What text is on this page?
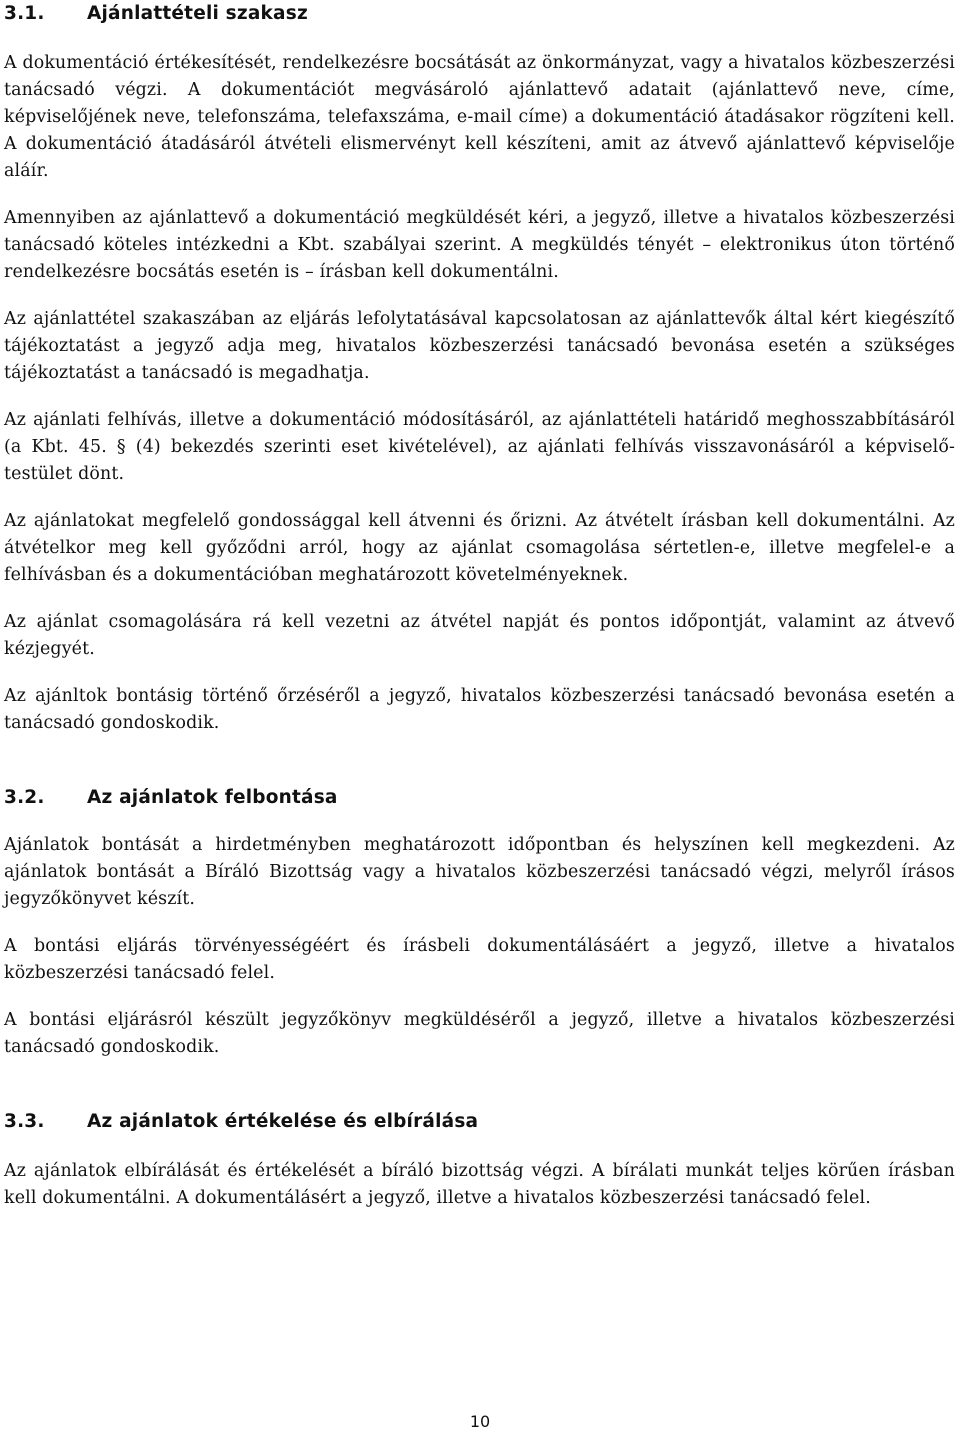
3.1.	Ajánlattételi szakasz

A dokumentáció értékesítését, rendelkezésre bocsátását az önkormányzat, vagy a hivatalos közbeszerzési tanácsadó végzi. A dokumentációt megvásároló ajánlattevő adatait (ajánlattevő neve, címe, képviselőjének neve, telefonszáma, telefaxszáma, e-mail címe) a dokumentáció átadásakor rögzíteni kell. A dokumentáció átadásáról átvételi elismervényt kell készíteni, amit az átvevő ajánlattevő képviselője aláír.

Amennyiben az ajánlattevő a dokumentáció megküldését kéri, a jegyző, illetve a hivatalos közbeszerzési tanácsadó köteles intézkedni a Kbt. szabályai szerint. A megküldés tényét – elektronikus úton történő rendelkezésre bocsátás esetén is – írásban kell dokumentálni.

Az ajánlattétel szakaszában az eljárás lefolytatásával kapcsolatosan az ajánlattevők által kért kiegészítő tájékoztatást a jegyző adja meg, hivatalos közbeszerzési tanácsadó bevonása esetén a szükséges tájékoztatást a tanácsadó is megadhatja.

Az ajánlati felhívás, illetve a dokumentáció módosításáról, az ajánlattételi határidő meghosszabbításáról (a Kbt. 45. § (4) bekezdés szerinti eset kivételével), az ajánlati felhívás visszavonásáról a képviselő-testület dönt.

Az ajánlatokat megfelelő gondossággal kell átvenni és őrizni. Az átvételt írásban kell dokumentálni. Az átvételkor meg kell győződni arról, hogy az ajánlat csomagolása sértetlen-e, illetve megfelel-e a felhívásban és a dokumentációban meghatározott követelményeknek.

Az ajánlat csomagolására rá kell vezetni az átvétel napját és pontos időpontját, valamint az átvevő kézjegyét.

Az ajánltok bontásig történő őrzéséről a jegyző, hivatalos közbeszerzési tanácsadó bevonása esetén a tanácsadó gondoskodik.

3.2.	Az ajánlatok felbontása

Ajánlatok bontását a hirdetményben meghatározott időpontban és helyszínen kell megkezdeni. Az ajánlatok bontását a Bíráló Bizottság vagy a hivatalos közbeszerzési tanácsadó végzi, melyről írásos jegyzőkönyvet készít.

A bontási eljárás törvényességéért és írásbeli dokumentálásáért a jegyző, illetve a hivatalos közbeszerzési tanácsadó felel.

A bontási eljárásról készült jegyzőkönyv megküldéséről a jegyző, illetve a hivatalos közbeszerzési tanácsadó gondoskodik.

3.3.	Az ajánlatok értékelése és elbírálása

Az ajánlatok elbírálását és értékelését a bíráló bizottság végzi. A bírálati munkát teljes körűen írásban kell dokumentálni. A dokumentálásért a jegyző, illetve a hivatalos közbeszerzési tanácsadó felel.

10
